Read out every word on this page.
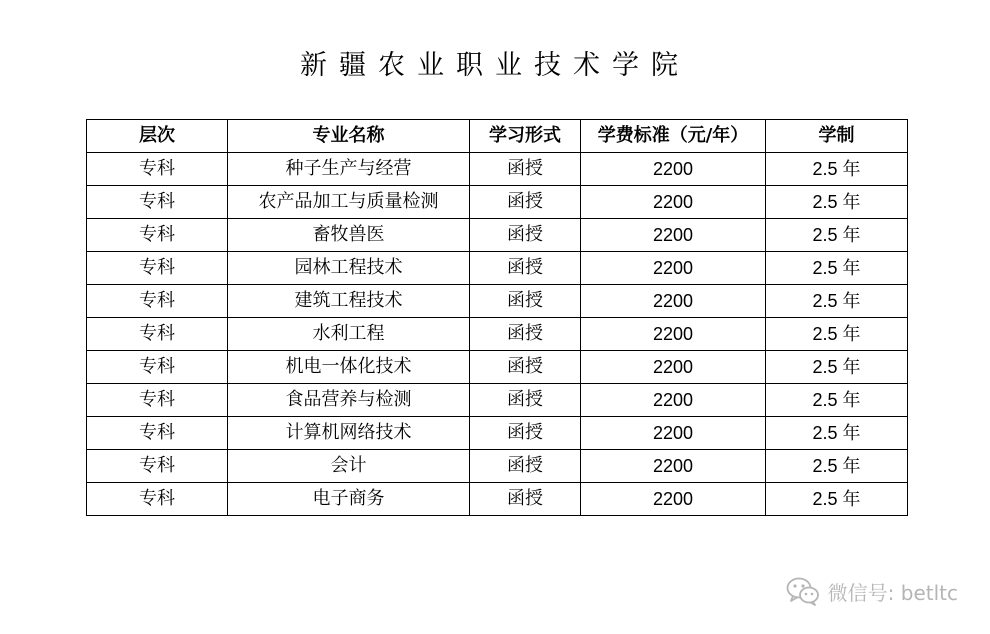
新疆农业职业技术学院
层次	专业名称	学习形式	学费标准（元/年）	学制
专科	种子生产与经营	函授	2200	2.5 年
专科	农产品加工与质量检测	函授	2200	2.5 年
专科	畜牧兽医	函授	2200	2.5 年
专科	园林工程技术	函授	2200	2.5 年
专科	建筑工程技术	函授	2200	2.5 年
专科	水利工程	函授	2200	2.5 年
专科	机电一体化技术	函授	2200	2.5 年
专科	食品营养与检测	函授	2200	2.5 年
专科	计算机网络技术	函授	2200	2.5 年
专科	会计	函授	2200	2.5 年
专科	电子商务	函授	2200	2.5 年
微信号: betltc
